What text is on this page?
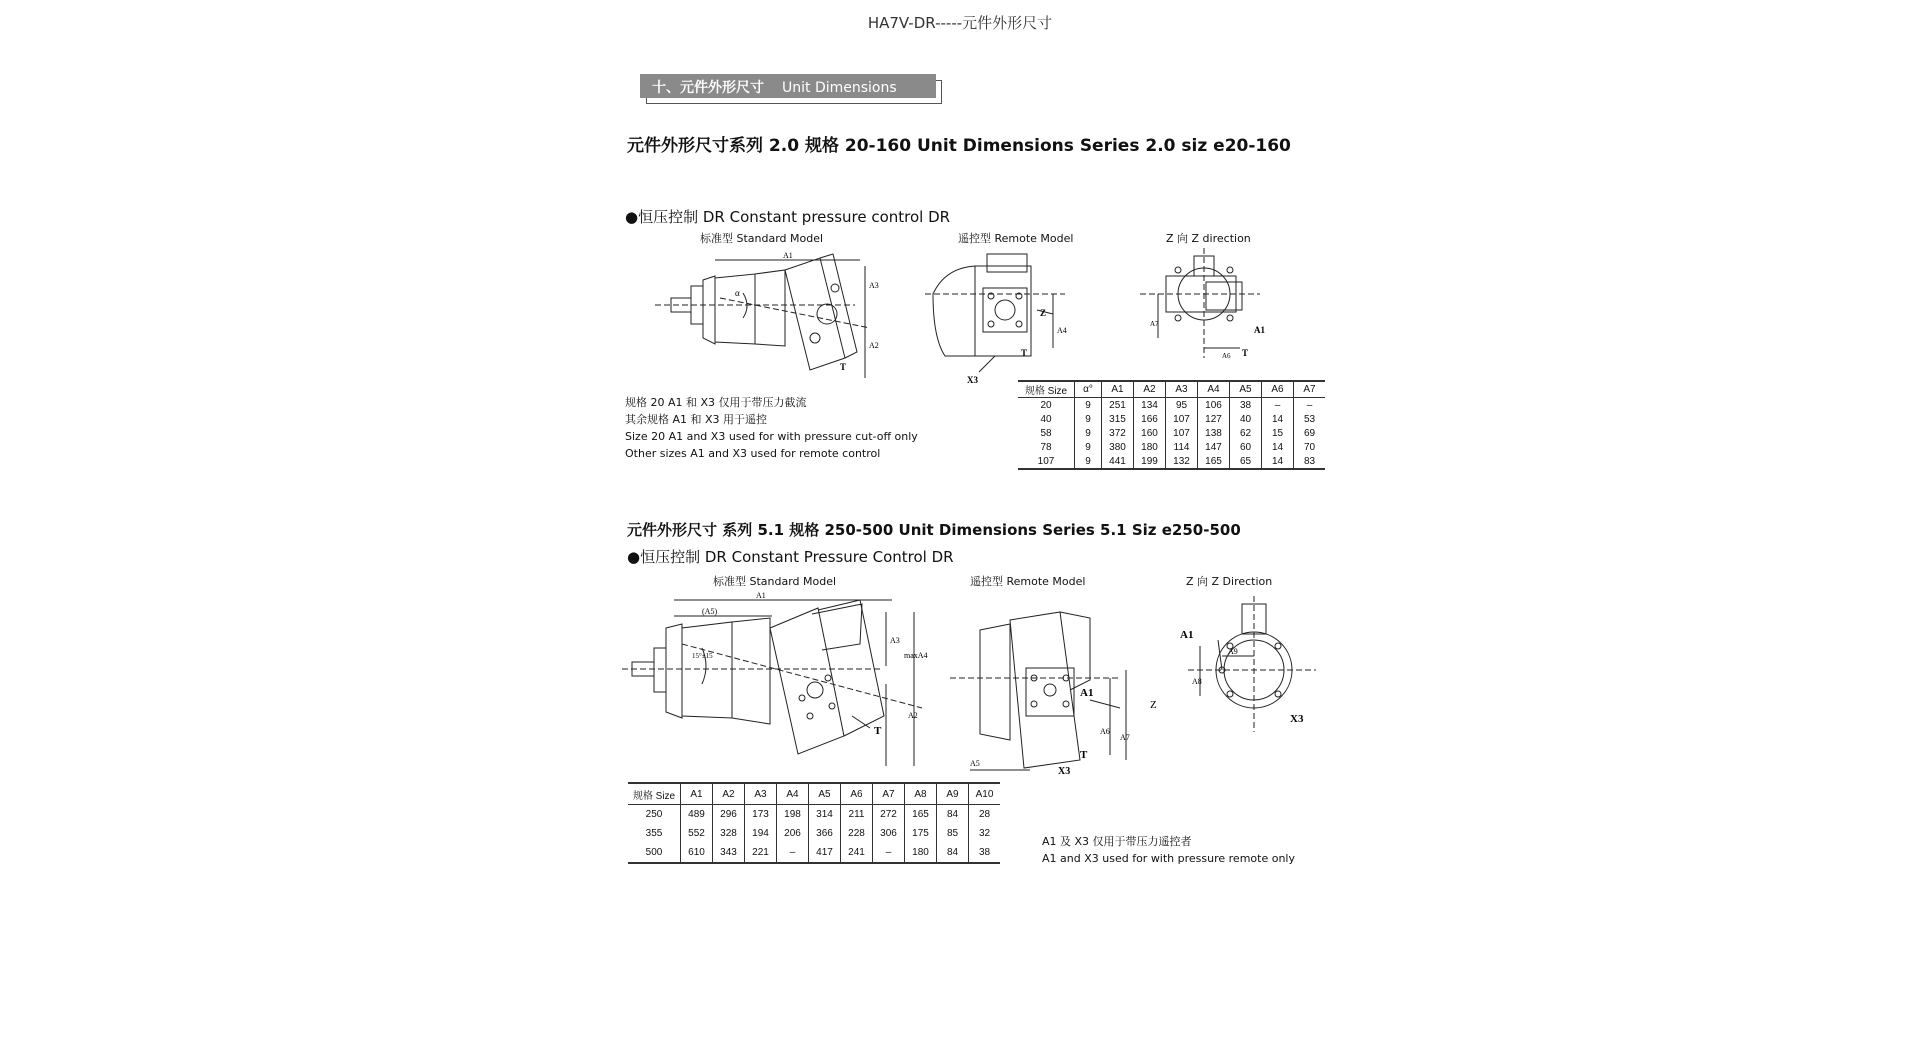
HA7V-DR-----元件外形尺寸
十、元件外形尺寸 Unit Dimensions
元件外形尺寸系列 2.0 规格 20-160 Unit Dimensions Series 2.0 siz e20-160
●恒压控制 DR Constant pressure control DR
标准型 Standard Model	遥控型 Remote Model	Z 向 Z direction
A1
A3
A2
α
T
Z
A4
T
X3
A7
A6
A1
T
规格 Size	α°	A1	A2	A3	A4	A5	A6	A7
20	9	251	134	95	106	38	–	–
40	9	315	166	107	127	40	14	53
58	9	372	160	107	138	62	15	69
78	9	380	180	114	147	60	14	70
107	9	441	199	132	165	65	14	83
规格 20 A1 和 X3 仅用于带压力截流
其余规格 A1 和 X3 用于遥控
Size 20 A1 and X3 used for with pressure cut-off only
Other sizes A1 and X3 used for remote control
元件外形尺寸 系列 5.1 规格 250-500 Unit Dimensions Series 5.1 Siz e250-500
●恒压控制 DR Constant Pressure Control DR
标准型 Standard Model	遥控型 Remote Model	Z 向 Z Direction
A1
(A5)
A3
maxA4
A2
15°±15
T
A1
A6
A7
Z
T
X3
A5
A1
A9
A8
X3
规格 Size	A1	A2	A3	A4	A5	A6	A7	A8	A9	A10
250	489	296	173	198	314	211	272	165	84	28
355	552	328	194	206	366	228	306	175	85	32
500	610	343	221	–	417	241	–	180	84	38
A1 及 X3 仅用于带压力遥控者
A1 and X3 used for with pressure remote only
